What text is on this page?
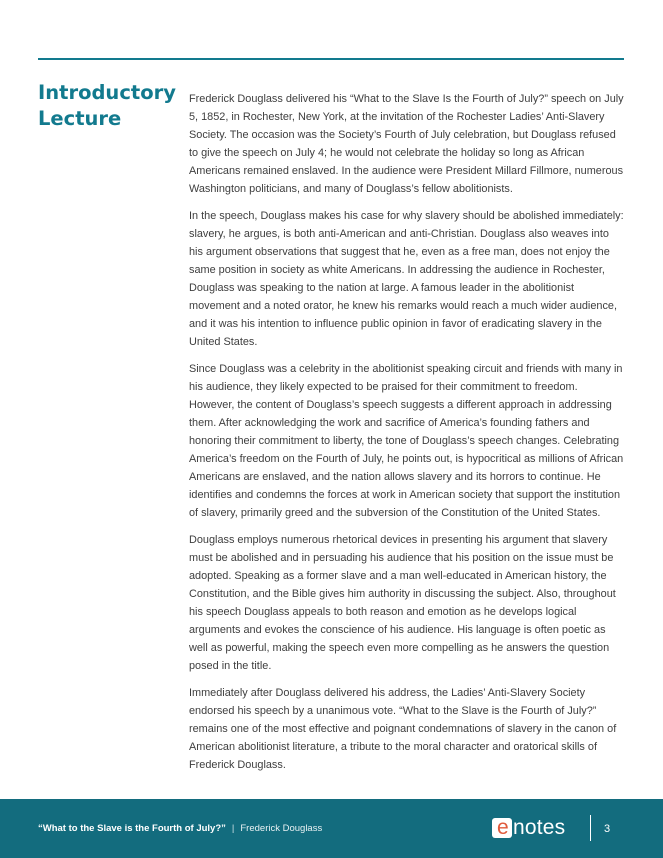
Introductory
Lecture

Frederick Douglass delivered his “What to the Slave Is the Fourth of July?” speech on July 5, 1852, in Rochester, New York, at the invitation of the Rochester Ladies’ Anti-Slavery Society. The occasion was the Society’s Fourth of July celebration, but Douglass refused to give the speech on July 4; he would not celebrate the holiday so long as African Americans remained enslaved. In the audience were President Millard Fillmore, numerous Washington politicians, and many of Douglass’s fellow abolitionists.

In the speech, Douglass makes his case for why slavery should be abolished immediately: slavery, he argues, is both anti-American and anti-Christian. Douglass also weaves into his argument observations that suggest that he, even as a free man, does not enjoy the same position in society as white Americans. In addressing the audience in Rochester, Douglass was speaking to the nation at large. A famous leader in the abolitionist movement and a noted orator, he knew his remarks would reach a much wider audience, and it was his intention to influence public opinion in favor of eradicating slavery in the United States.

Since Douglass was a celebrity in the abolitionist speaking circuit and friends with many in his audience, they likely expected to be praised for their commitment to freedom. However, the content of Douglass’s speech suggests a different approach in addressing them. After acknowledging the work and sacrifice of America’s founding fathers and honoring their commitment to liberty, the tone of Douglass’s speech changes. Celebrating America’s freedom on the Fourth of July, he points out, is hypocritical as millions of African Americans are enslaved, and the nation allows slavery and its horrors to continue. He identifies and condemns the forces at work in American society that support the institution of slavery, primarily greed and the subversion of the Constitution of the United States.

Douglass employs numerous rhetorical devices in presenting his argument that slavery must be abolished and in persuading his audience that his position on the issue must be adopted. Speaking as a former slave and a man well-educated in American history, the Constitution, and the Bible gives him authority in discussing the subject. Also, throughout his speech Douglass appeals to both reason and emotion as he develops logical arguments and evokes the conscience of his audience. His language is often poetic as well as powerful, making the speech even more compelling as he answers the question posed in the title.

Immediately after Douglass delivered his address, the Ladies’ Anti-Slavery Society endorsed his speech by a unanimous vote. “What to the Slave is the Fourth of July?” remains one of the most effective and poignant condemnations of slavery in the canon of American abolitionist literature, a tribute to the moral character and oratorical skills of Frederick Douglass.

“What to the Slave is the Fourth of July?” | Frederick Douglass	e notes	3
